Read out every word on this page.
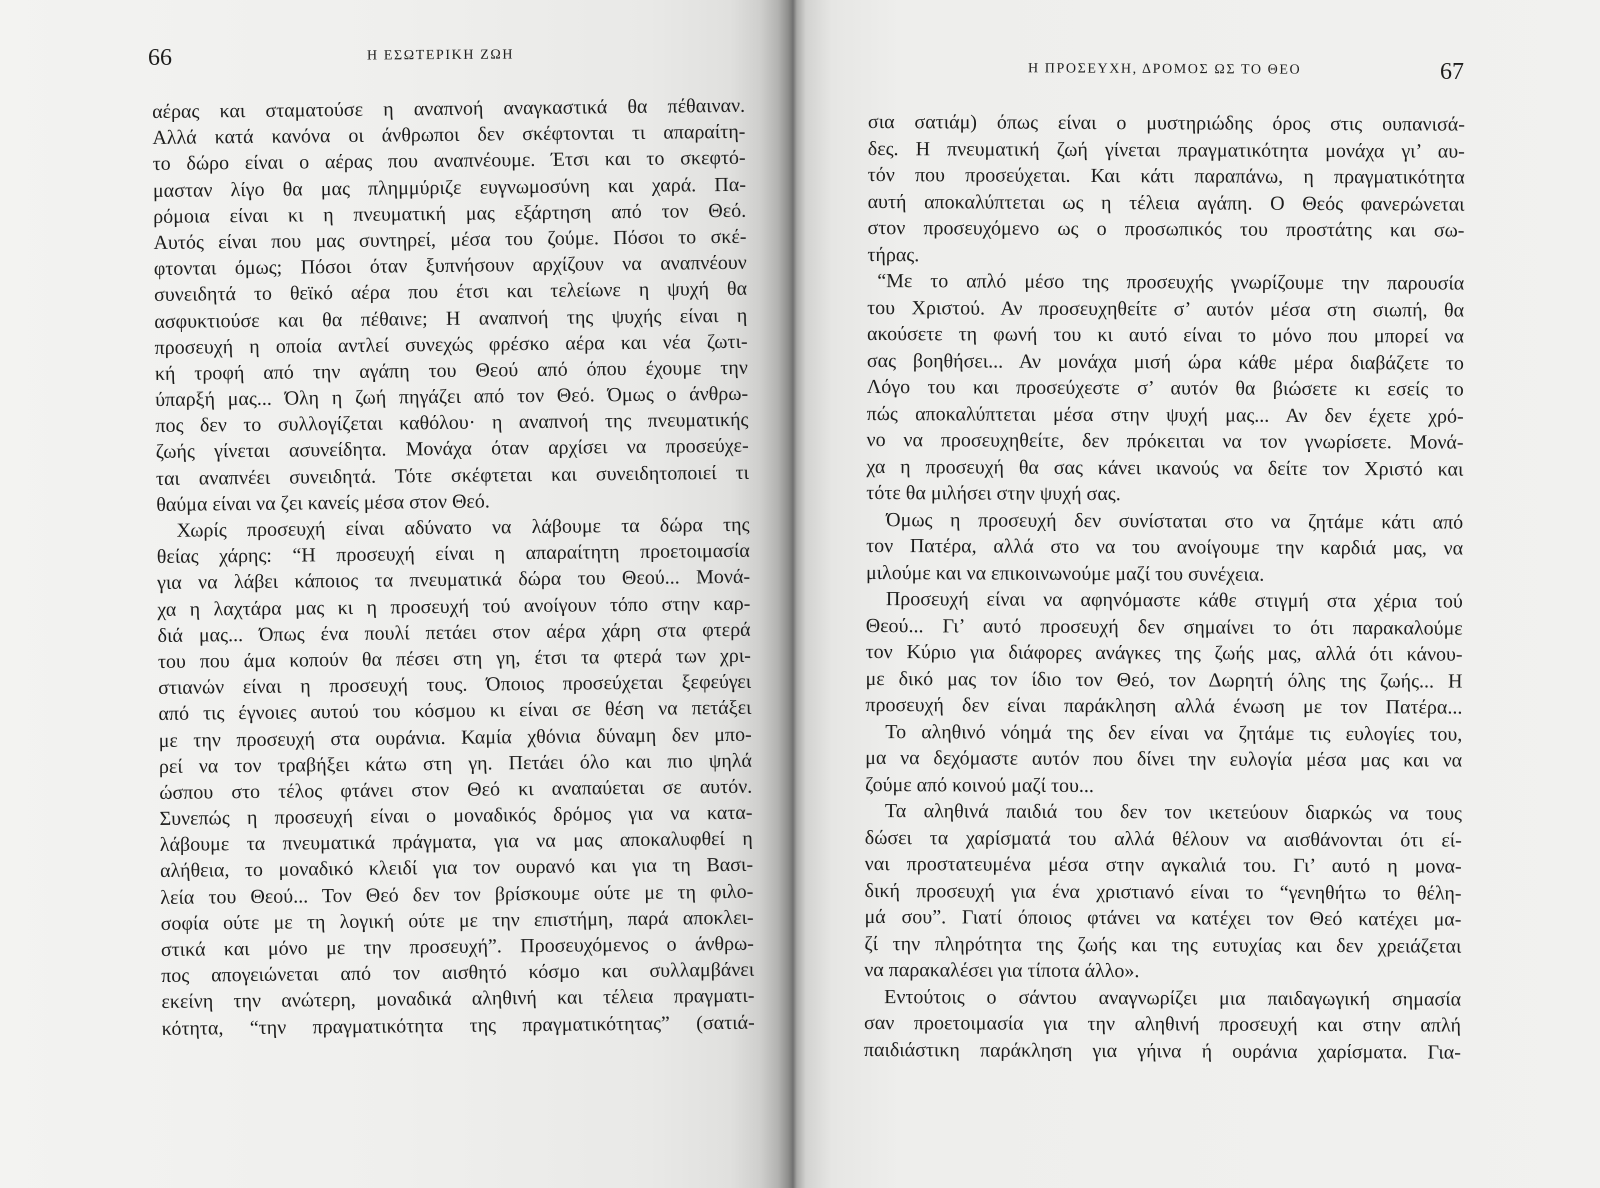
66	Η ΕΣΩΤΕΡΙΚΗ ΖΩΗ
αέρας και σταματούσε η αναπνοή αναγκαστικά θα πέθαιναν.
Αλλά κατά κανόνα οι άνθρωποι δεν σκέφτονται τι απαραίτη-
το δώρο είναι ο αέρας που αναπνέουμε. Έτσι και το σκεφτό-
μασταν λίγο θα μας πλημμύριζε ευγνωμοσύνη και χαρά. Πα-
ρόμοια είναι κι η πνευματική μας εξάρτηση από τον Θεό.
Αυτός είναι που μας συντηρεί, μέσα του ζούμε. Πόσοι το σκέ-
φτονται όμως; Πόσοι όταν ξυπνήσουν αρχίζουν να αναπνέουν
συνειδητά το θεϊκό αέρα που έτσι και τελείωνε η ψυχή θα
ασφυκτιούσε και θα πέθαινε; Η αναπνοή της ψυχής είναι η
προσευχή η οποία αντλεί συνεχώς φρέσκο αέρα και νέα ζωτι-
κή τροφή από την αγάπη του Θεού από όπου έχουμε την
ύπαρξή μας... Όλη η ζωή πηγάζει από τον Θεό. Όμως ο άνθρω-
πος δεν το συλλογίζεται καθόλου· η αναπνοή της πνευματικής
ζωής γίνεται ασυνείδητα. Μονάχα όταν αρχίσει να προσεύχε-
ται αναπνέει συνειδητά. Τότε σκέφτεται και συνειδητοποιεί τι
θαύμα είναι να ζει κανείς μέσα στον Θεό.
Χωρίς προσευχή είναι αδύνατο να λάβουμε τα δώρα της
θείας χάρης: “Η προσευχή είναι η απαραίτητη προετοιμασία
για να λάβει κάποιος τα πνευματικά δώρα του Θεού... Μονά-
χα η λαχτάρα μας κι η προσευχή τού ανοίγουν τόπο στην καρ-
διά μας... Όπως ένα πουλί πετάει στον αέρα χάρη στα φτερά
του που άμα κοπούν θα πέσει στη γη, έτσι τα φτερά των χρι-
στιανών είναι η προσευχή τους. Όποιος προσεύχεται ξεφεύγει
από τις έγνοιες αυτού του κόσμου κι είναι σε θέση να πετάξει
με την προσευχή στα ουράνια. Καμία χθόνια δύναμη δεν μπο-
ρεί να τον τραβήξει κάτω στη γη. Πετάει όλο και πιο ψηλά
ώσπου στο τέλος φτάνει στον Θεό κι αναπαύεται σε αυτόν.
Συνεπώς η προσευχή είναι ο μοναδικός δρόμος για να κατα-
λάβουμε τα πνευματικά πράγματα, για να μας αποκαλυφθεί η
αλήθεια, το μοναδικό κλειδί για τον ουρανό και για τη Βασι-
λεία του Θεού... Τον Θεό δεν τον βρίσκουμε ούτε με τη φιλο-
σοφία ούτε με τη λογική ούτε με την επιστήμη, παρά αποκλει-
στικά και μόνο με την προσευχή”. Προσευχόμενος ο άνθρω-
πος απογειώνεται από τον αισθητό κόσμο και συλλαμβάνει
εκείνη την ανώτερη, μοναδικά αληθινή και τέλεια πραγματι-
κότητα, “την πραγματικότητα της πραγματικότητας” (σατιά-
Η ΠΡΟΣΕΥΧΗ, ΔΡΟΜΟΣ ΩΣ ΤΟ ΘΕΟ	67
σια σατιάμ) όπως είναι ο μυστηριώδης όρος στις ουπανισά-
δες. Η πνευματική ζωή γίνεται πραγματικότητα μονάχα γι’ αυ-
τόν που προσεύχεται. Και κάτι παραπάνω, η πραγματικότητα
αυτή αποκαλύπτεται ως η τέλεια αγάπη. Ο Θεός φανερώνεται
στον προσευχόμενο ως ο προσωπικός του προστάτης και σω-
τήρας.
“Με το απλό μέσο της προσευχής γνωρίζουμε την παρουσία
του Χριστού. Αν προσευχηθείτε σ’ αυτόν μέσα στη σιωπή, θα
ακούσετε τη φωνή του κι αυτό είναι το μόνο που μπορεί να
σας βοηθήσει... Αν μονάχα μισή ώρα κάθε μέρα διαβάζετε το
Λόγο του και προσεύχεστε σ’ αυτόν θα βιώσετε κι εσείς το
πώς αποκαλύπτεται μέσα στην ψυχή μας... Αν δεν έχετε χρό-
νο να προσευχηθείτε, δεν πρόκειται να τον γνωρίσετε. Μονά-
χα η προσευχή θα σας κάνει ικανούς να δείτε τον Χριστό και
τότε θα μιλήσει στην ψυχή σας.
Όμως η προσευχή δεν συνίσταται στο να ζητάμε κάτι από
τον Πατέρα, αλλά στο να του ανοίγουμε την καρδιά μας, να
μιλούμε και να επικοινωνούμε μαζί του συνέχεια.
Προσευχή είναι να αφηνόμαστε κάθε στιγμή στα χέρια τού
Θεού... Γι’ αυτό προσευχή δεν σημαίνει το ότι παρακαλούμε
τον Κύριο για διάφορες ανάγκες της ζωής μας, αλλά ότι κάνου-
με δικό μας τον ίδιο τον Θεό, τον Δωρητή όλης της ζωής... Η
προσευχή δεν είναι παράκληση αλλά ένωση με τον Πατέρα...
Το αληθινό νόημά της δεν είναι να ζητάμε τις ευλογίες του,
μα να δεχόμαστε αυτόν που δίνει την ευλογία μέσα μας και να
ζούμε από κοινού μαζί του...
Τα αληθινά παιδιά του δεν τον ικετεύουν διαρκώς να τους
δώσει τα χαρίσματά του αλλά θέλουν να αισθάνονται ότι εί-
ναι προστατευμένα μέσα στην αγκαλιά του. Γι’ αυτό η μονα-
δική προσευχή για ένα χριστιανό είναι το “γενηθήτω το θέλη-
μά σου”. Γιατί όποιος φτάνει να κατέχει τον Θεό κατέχει μα-
ζί την πληρότητα της ζωής και της ευτυχίας και δεν χρειάζεται
να παρακαλέσει για τίποτα άλλο».
Εντούτοις ο σάντου αναγνωρίζει μια παιδαγωγική σημασία
σαν προετοιμασία για την αληθινή προσευχή και στην απλή
παιδιάστικη παράκληση για γήινα ή ουράνια χαρίσματα. Για-
